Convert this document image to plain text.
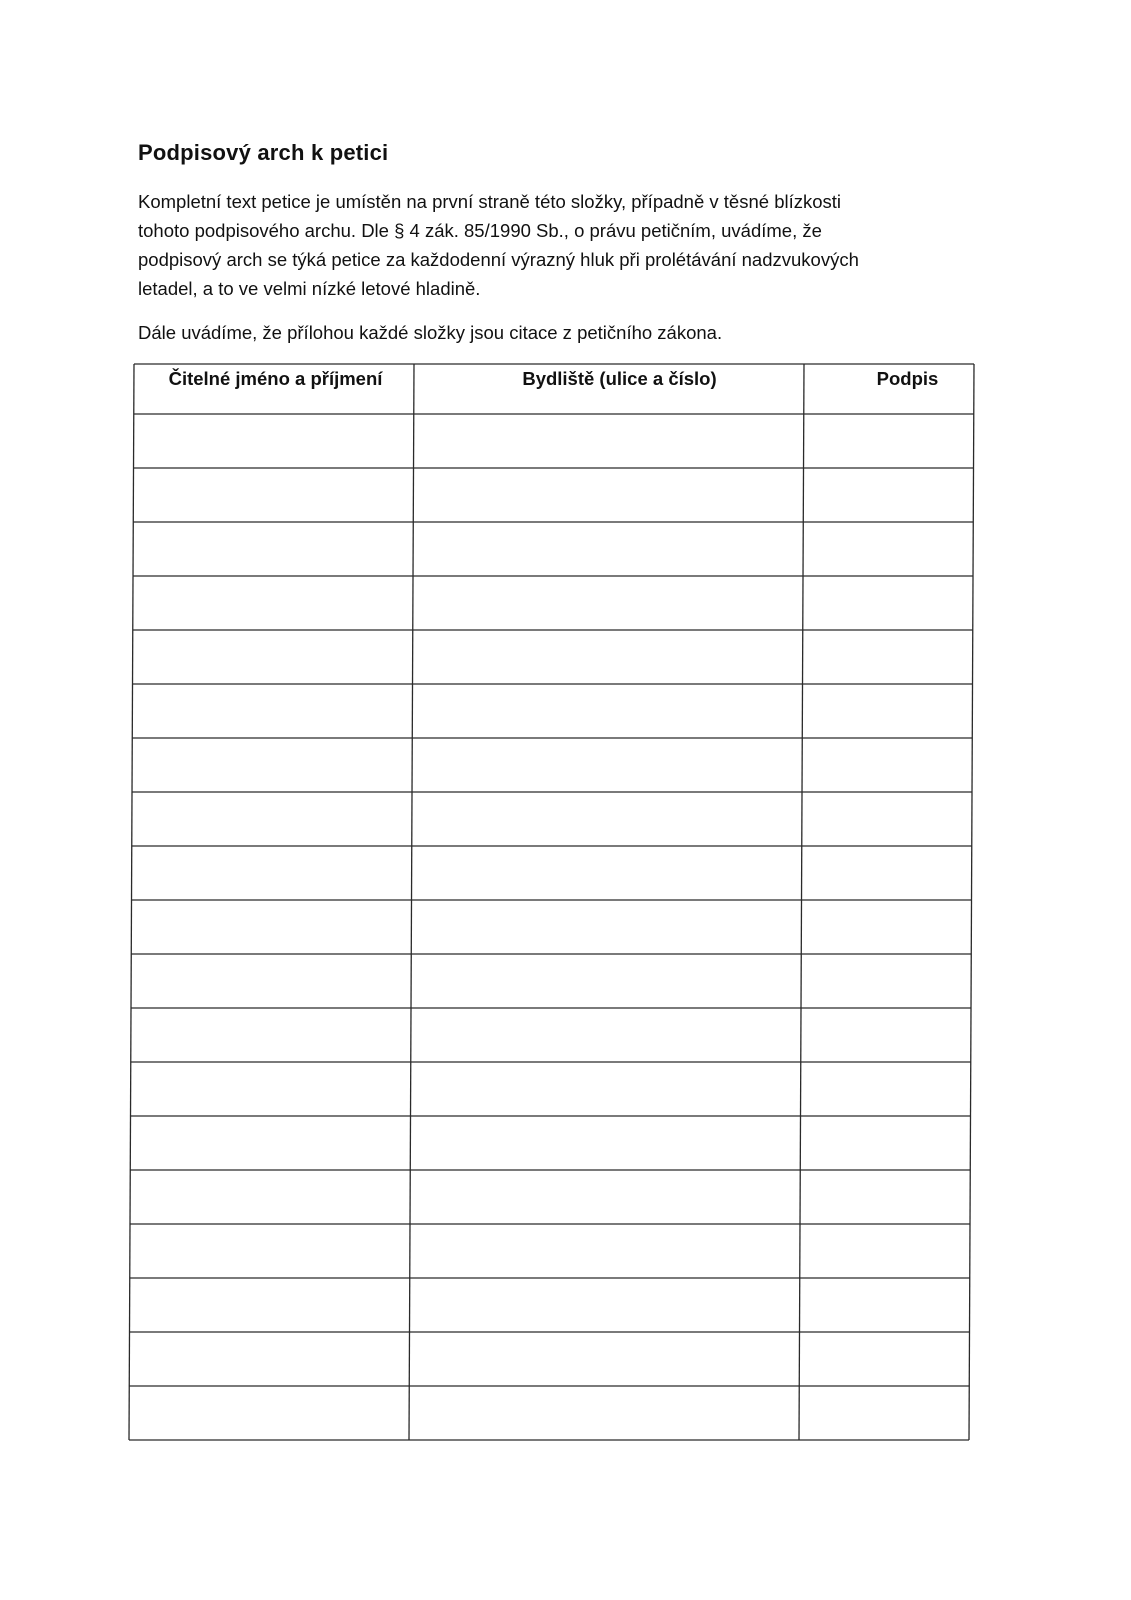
Podpisový arch k petici
Kompletní text petice je umístěn na první straně této složky, případně v těsné blízkosti
tohoto podpisového archu. Dle § 4 zák. 85/1990 Sb., o právu petičním, uvádíme, že
podpisový arch se týká petice za každodenní výrazný hluk při prolétávání nadzvukových
letadel, a to ve velmi nízké letové hladině.
Dále uvádíme, že přílohou každé složky jsou citace z petičního zákona.
Čitelné jméno a příjmení	Bydliště (ulice a číslo)	Podpis
